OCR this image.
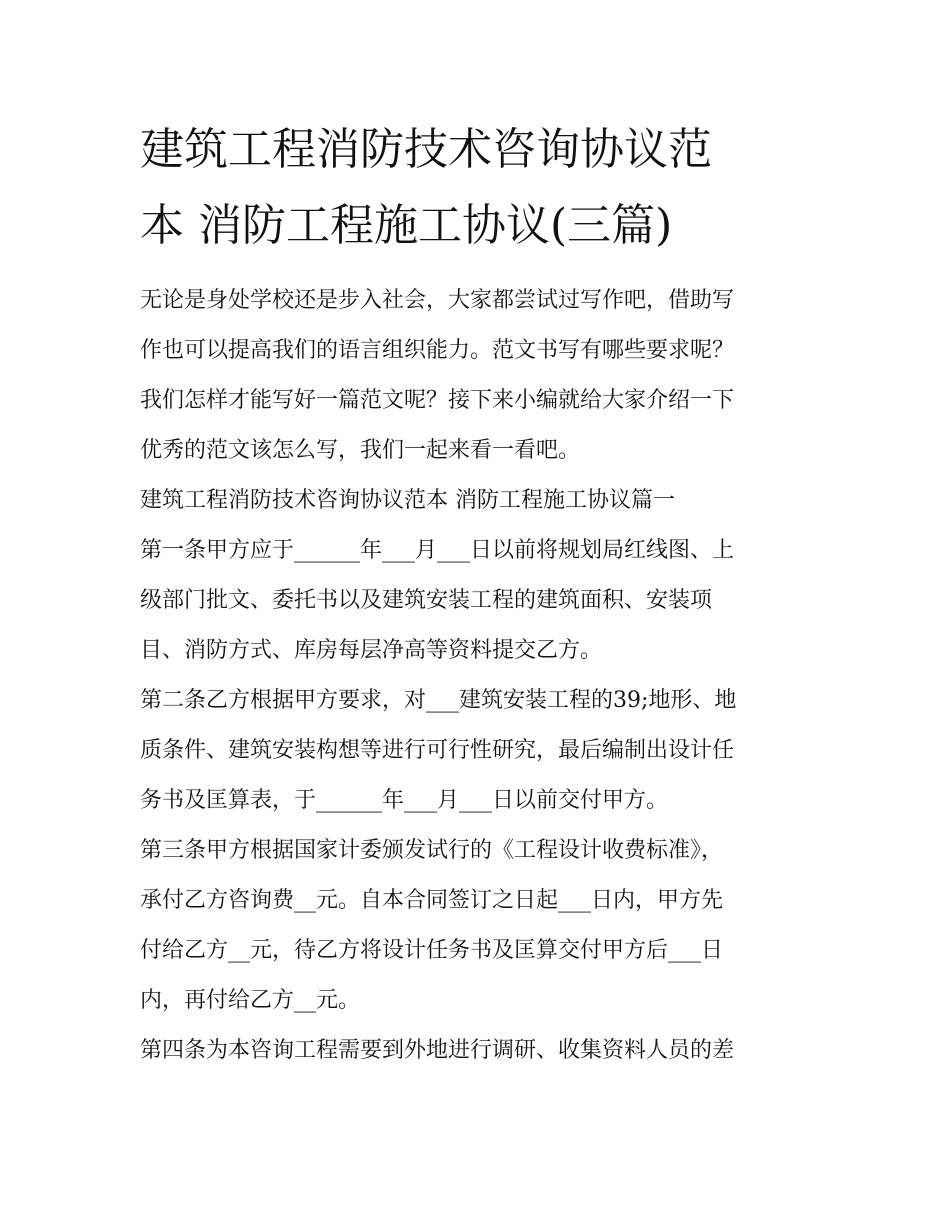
建筑工程消防技术咨询协议范
本 消防工程施工协议(三篇)
无论是身处学校还是步入社会，大家都尝试过写作吧，借助写
作也可以提高我们的语言组织能力。范文书写有哪些要求呢？
我们怎样才能写好一篇范文呢？接下来小编就给大家介绍一下
优秀的范文该怎么写，我们一起来看一看吧。
建筑工程消防技术咨询协议范本 消防工程施工协议篇一
第一条甲方应于______年___月___日以前将规划局红线图、上
级部门批文、委托书以及建筑安装工程的建筑面积、安装项
目、消防方式、库房每层净高等资料提交乙方。
第二条乙方根据甲方要求，对___建筑安装工程的39;地形、地
质条件、建筑安装构想等进行可行性研究，最后编制出设计任
务书及匡算表，于______年___月___日以前交付甲方。
第三条甲方根据国家计委颁发试行的《工程设计收费标准》，
承付乙方咨询费__元。自本合同签订之日起___日内，甲方先
付给乙方__元，待乙方将设计任务书及匡算交付甲方后___日
内，再付给乙方__元。
第四条为本咨询工程需要到外地进行调研、收集资料人员的差
